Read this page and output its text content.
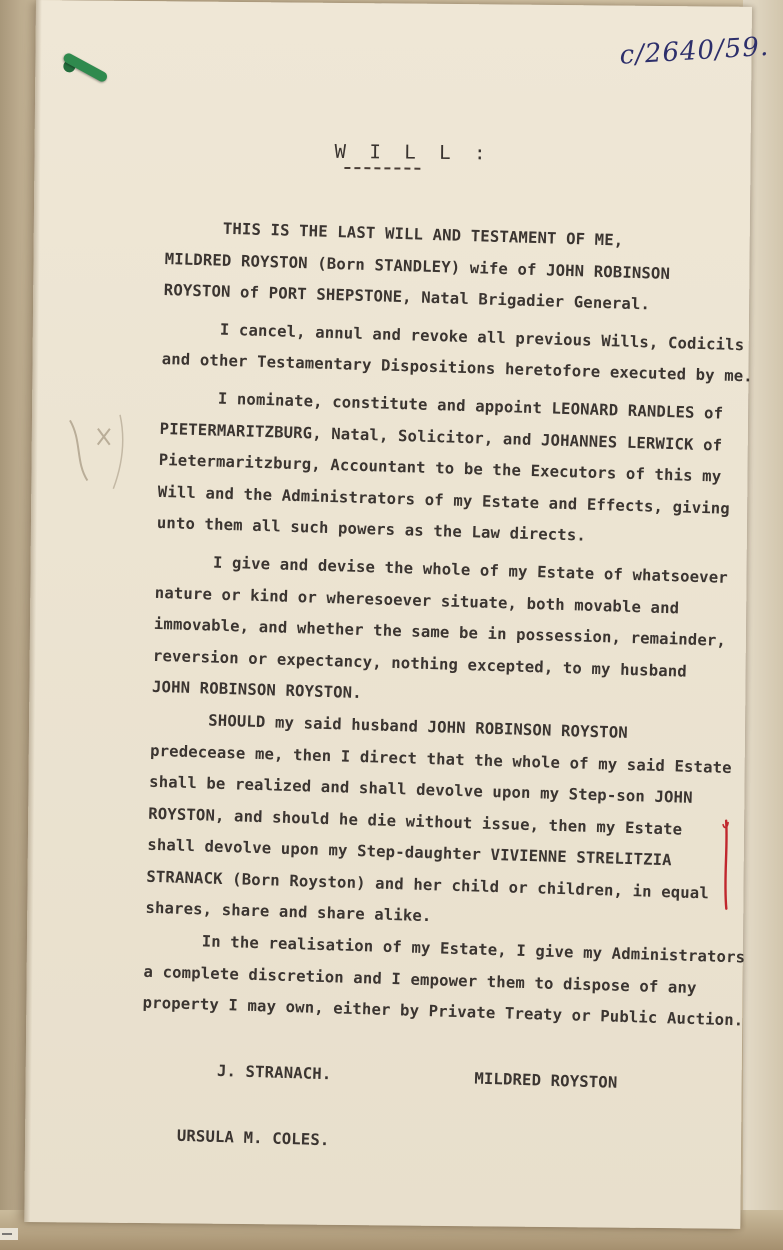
c/2640/59.
W I L L :
THIS IS THE LAST WILL AND TESTAMENT OF ME,
MILDRED ROYSTON (Born STANDLEY) wife of JOHN ROBINSON
ROYSTON of PORT SHEPSTONE, Natal Brigadier General.
I cancel, annul and revoke all previous Wills, Codicils
and other Testamentary Dispositions heretofore executed by me.
I nominate, constitute and appoint LEONARD RANDLES of
PIETERMARITZBURG, Natal, Solicitor, and JOHANNES LERWICK of
Pietermaritzburg, Accountant to be the Executors of this my
Will and the Administrators of my Estate and Effects, giving
unto them all such powers as the Law directs.
I give and devise the whole of my Estate of whatsoever
nature or kind or wheresoever situate, both movable and
immovable, and whether the same be in possession, remainder,
reversion or expectancy, nothing excepted, to my husband
JOHN ROBINSON ROYSTON.
SHOULD my said husband JOHN ROBINSON ROYSTON
predecease me, then I direct that the whole of my said Estate
shall be realized and shall devolve upon my Step-son JOHN
ROYSTON, and should he die without issue, then my Estate
shall devolve upon my Step-daughter VIVIENNE STRELITZIA
STRANACK (Born Royston) and her child or children, in equal
shares, share and share alike.
In the realisation of my Estate, I give my Administrators
a complete discretion and I empower them to dispose of any
property I may own, either by Private Treaty or Public Auction.

J. STRANACH.

	MILDRED ROYSTON

URSULA M. COLES.
